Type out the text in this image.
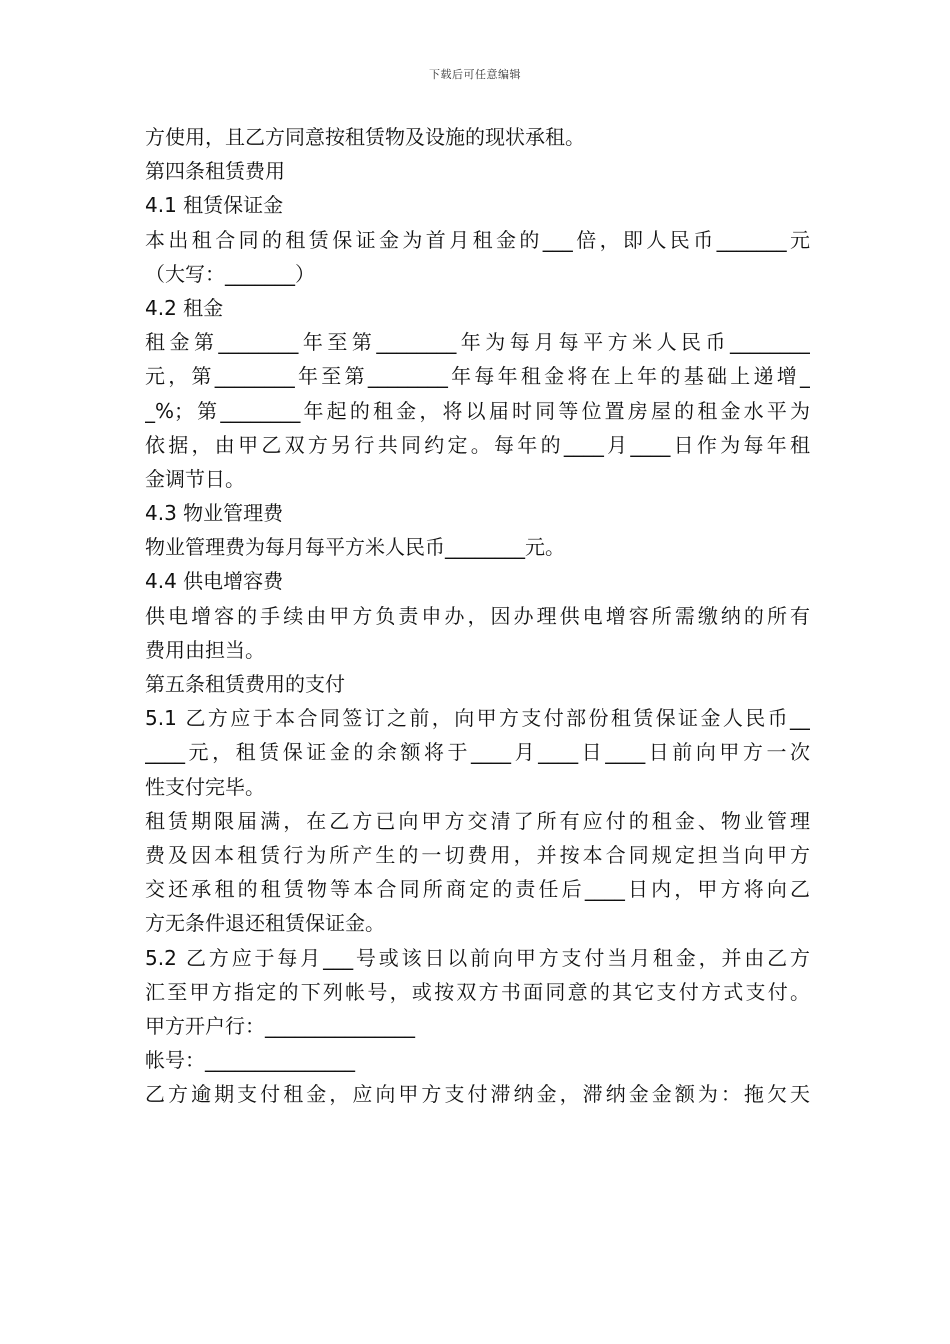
下载后可任意编辑
方使用，且乙方同意按租赁物及设施的现状承租。
第四条租赁费用
4.1 租赁保证金
本出租合同的租赁保证金为首月租金的___倍，即人民币_______元
（大写：_______）
4.2 租金
租金第________年至第________年为每月每平方米人民币________
元，第________年至第________年每年租金将在上年的基础上递增_
_%；第________年起的租金，将以届时同等位置房屋的租金水平为
依据，由甲乙双方另行共同约定。每年的____月____日作为每年租
金调节日。
4.3 物业管理费
物业管理费为每月每平方米人民币________元。
4.4 供电增容费
供电增容的手续由甲方负责申办，因办理供电增容所需缴纳的所有
费用由担当。
第五条租赁费用的支付
5.1 乙方应于本合同签订之前，向甲方支付部份租赁保证金人民币__
____元，租赁保证金的余额将于____月____日____日前向甲方一次
性支付完毕。
租赁期限届满，在乙方已向甲方交清了所有应付的租金、物业管理
费及因本租赁行为所产生的一切费用，并按本合同规定担当向甲方
交还承租的租赁物等本合同所商定的责任后____日内，甲方将向乙
方无条件退还租赁保证金。
5.2 乙方应于每月___号或该日以前向甲方支付当月租金，并由乙方
汇至甲方指定的下列帐号，或按双方书面同意的其它支付方式支付。
甲方开户行：_______________
帐号：_______________
乙方逾期支付租金，应向甲方支付滞纳金，滞纳金金额为：拖欠天
